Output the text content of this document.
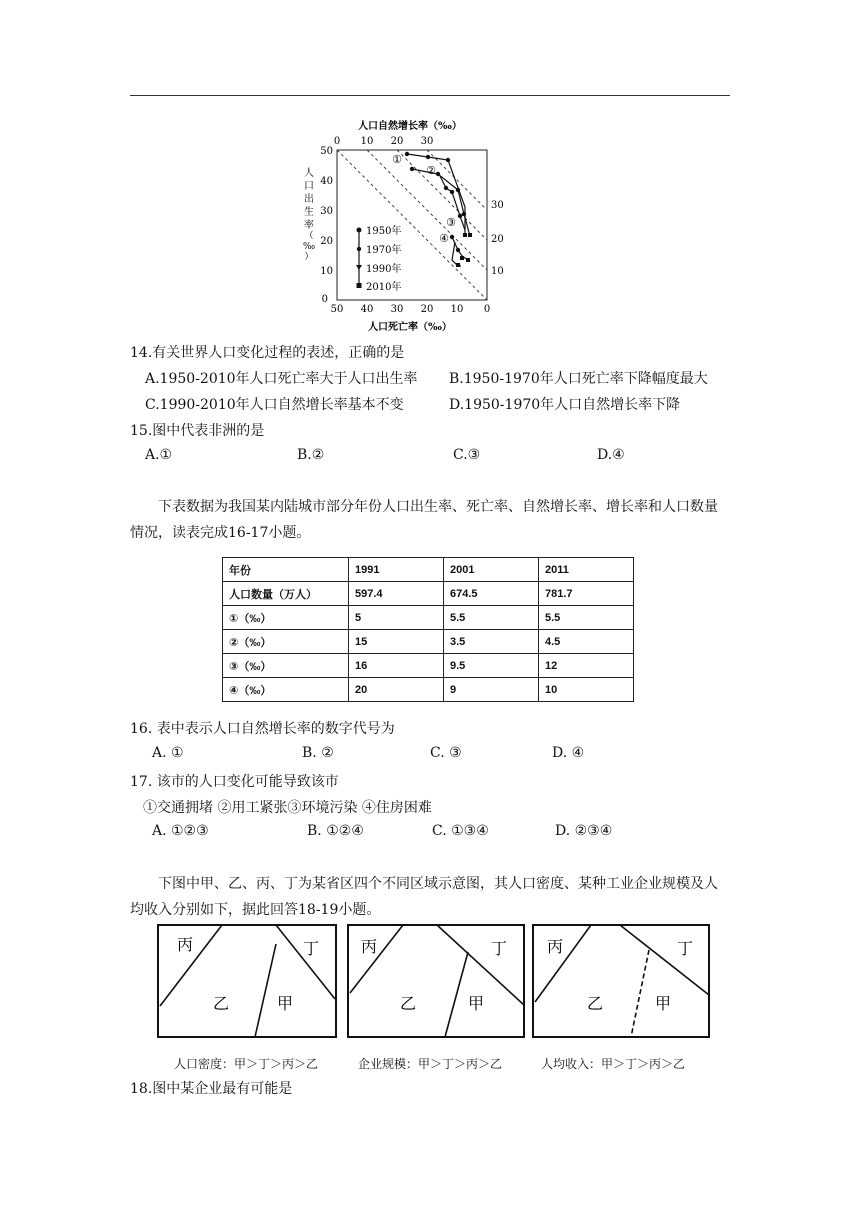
人口自然增长率（‰）
0 10 20 30
50
40
30
20
10
0
人
口
出
生
率
（
‰
）
50 40 30 20 10 0
人口死亡率（‰）
30
20
10
①
②
③
④
1950年
1970年
1990年
2010年
14.有关世界人口变化过程的表述，正确的是
A.1950-2010年人口死亡率大于人口出生率 B.1950-1970年人口死亡率下降幅度最大
C.1990-2010年人口自然增长率基本不变	D.1950-1970年人口自然增长率下降
15.图中代表非洲的是
A.①	B.②	C.③	D.④
下表数据为我国某内陆城市部分年份人口出生率、死亡率、自然增长率、增长率和人口数量情况，读表完成16-17小题。
年份	1991	2001	2011
人口数量（万人）	597.4	674.5	781.7
①（‰）	5	5.5	5.5
②（‰）	15	3.5	4.5
③（‰）	16	9.5	12
④（‰）	20	9	10
16. 表中表示人口自然增长率的数字代号为
A. ①	B. ②	C. ③	D. ④
17. 该市的人口变化可能导致该市
①交通拥堵 ②用工紧张③环境污染 ④住房困难
A. ①②③	B. ①②④	C. ①③④	D. ②③④
下图中甲、乙、丙、丁为某省区四个不同区域示意图，其人口密度、某种工业企业规模及人均收入分别如下，据此回答18-19小题。
丙	丁
乙	甲
丙	丁
乙	甲
丙	丁
乙	甲
人口密度：甲＞丁＞丙＞乙	企业规模：甲＞丁＞丙＞乙	人均收入：甲＞丁＞丙＞乙
18.图中某企业最有可能是
